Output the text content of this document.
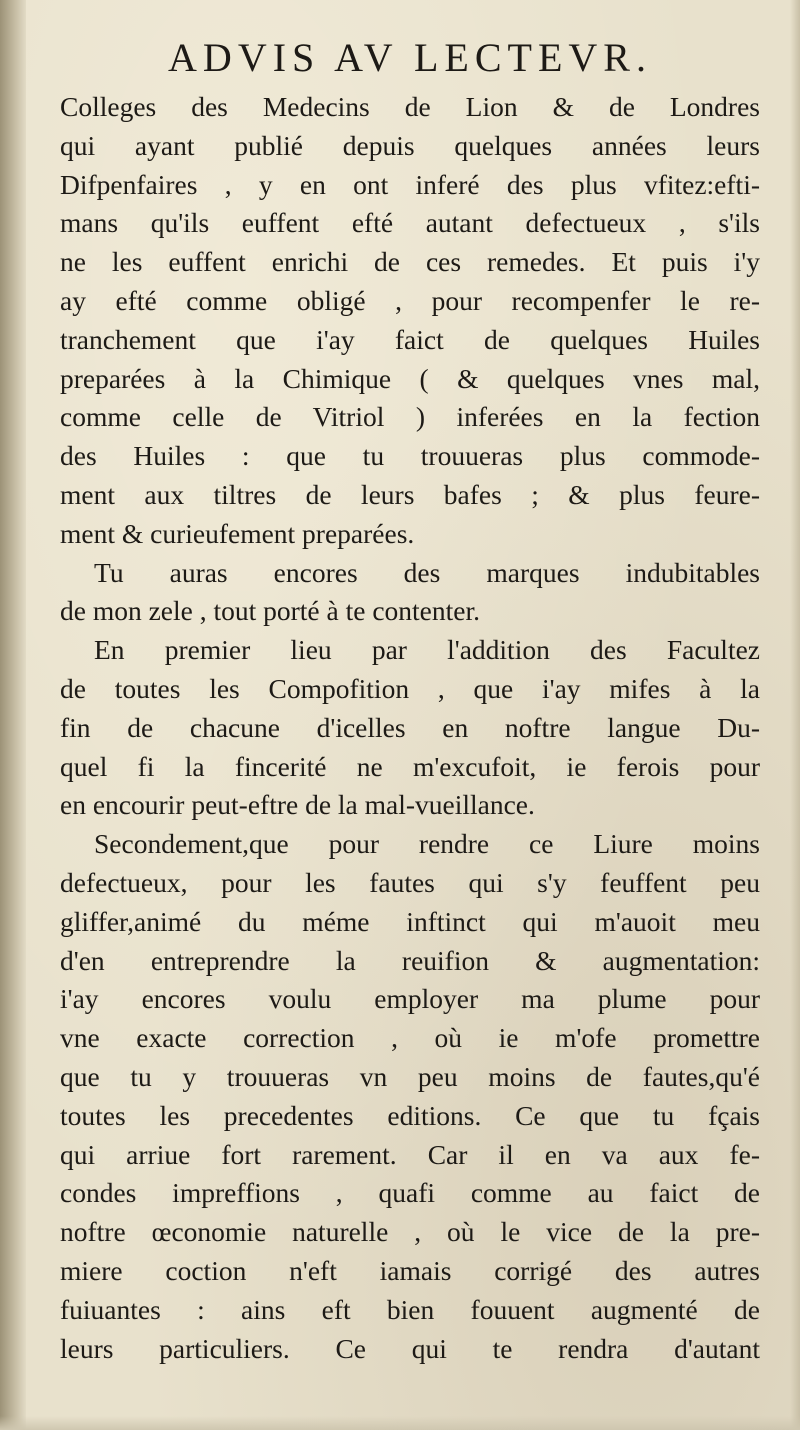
ADVIS AV LECTEVR.
Colleges des Medecins de Lion & de Londres
qui ayant publié depuis quelques années leurs
Difpenfaires , y en ont inferé des plus vfitez:efti-
mans qu'ils euffent efté autant defectueux , s'ils
ne les euffent enrichi de ces remedes. Et puis i'y
ay efté comme obligé , pour recompenfer le re-
tranchement que i'ay faict de quelques Huiles
preparées à la Chimique ( & quelques vnes mal,
comme celle de Vitriol ) inferées en la fection
des Huiles : que tu trouueras plus commode-
ment aux tiltres de leurs bafes ; & plus feure-
ment & curieufement preparées.
Tu auras encores des marques indubitables
de mon zele , tout porté à te contenter.
En premier lieu par l'addition des Facultez
de toutes les Compofition , que i'ay mifes à la
fin de chacune d'icelles en noftre langue Du-
quel fi la fincerité ne m'excufoit, ie ferois pour
en encourir peut-eftre de la mal-vueillance.
Secondement,que pour rendre ce Liure moins
defectueux, pour les fautes qui s'y feuffent peu
gliffer,animé du méme inftinct qui m'auoit meu
d'en entreprendre la reuifion & augmentation:
i'ay encores voulu employer ma plume pour
vne exacte correction , où ie m'ofe promettre
que tu y trouueras vn peu moins de fautes,qu'é
toutes les precedentes editions. Ce que tu fçais
qui arriue fort rarement. Car il en va aux fe-
condes impreffions , quafi comme au faict de
noftre œconomie naturelle , où le vice de la pre-
miere coction n'eft iamais corrigé des autres
fuiuantes : ains eft bien fouuent augmenté de
leurs particuliers. Ce qui te rendra d'autant
